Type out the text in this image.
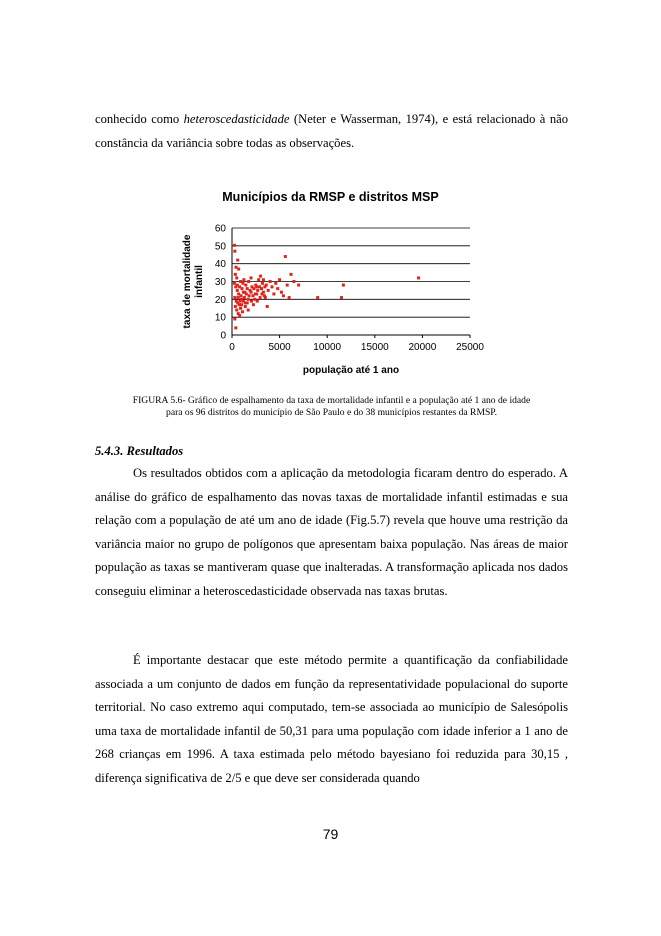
conhecido como heteroscedasticidade (Neter e Wasserman, 1974), e está relacionado à não constância da variância sobre todas as observações.
Municípios da RMSP e distritos MSP
0
10
20
30
40
50
60
0	5000 10000 15000 20000 25000
população até 1 ano
taxa de mortalidade infantil
FIGURA 5.6- Gráfico de espalhamento da taxa de mortalidade infantil e a população até 1 ano de idade
para os 96 distritos do município de São Paulo e do 38 municípios restantes da RMSP.
5.4.3. Resultados
Os resultados obtidos com a aplicação da metodologia ficaram dentro do esperado. A análise do gráfico de espalhamento das novas taxas de mortalidade infantil estimadas e sua relação com a população de até um ano de idade (Fig.5.7) revela que houve uma restrição da variância maior no grupo de polígonos que apresentam baixa população. Nas áreas de maior população as taxas se mantiveram quase que inalteradas. A transformação aplicada nos dados conseguiu eliminar a heteroscedasticidade observada nas taxas brutas.
É importante destacar que este método permite a quantificação da confiabilidade associada a um conjunto de dados em função da representatividade populacional do suporte territorial. No caso extremo aqui computado, tem-se associada ao município de Salesópolis uma taxa de mortalidade infantil de 50,31 para uma população com idade inferior a 1 ano de 268 crianças em 1996. A taxa estimada pelo método bayesiano foi reduzida para 30,15 , diferença significativa de 2/5 e que deve ser considerada quando
79
